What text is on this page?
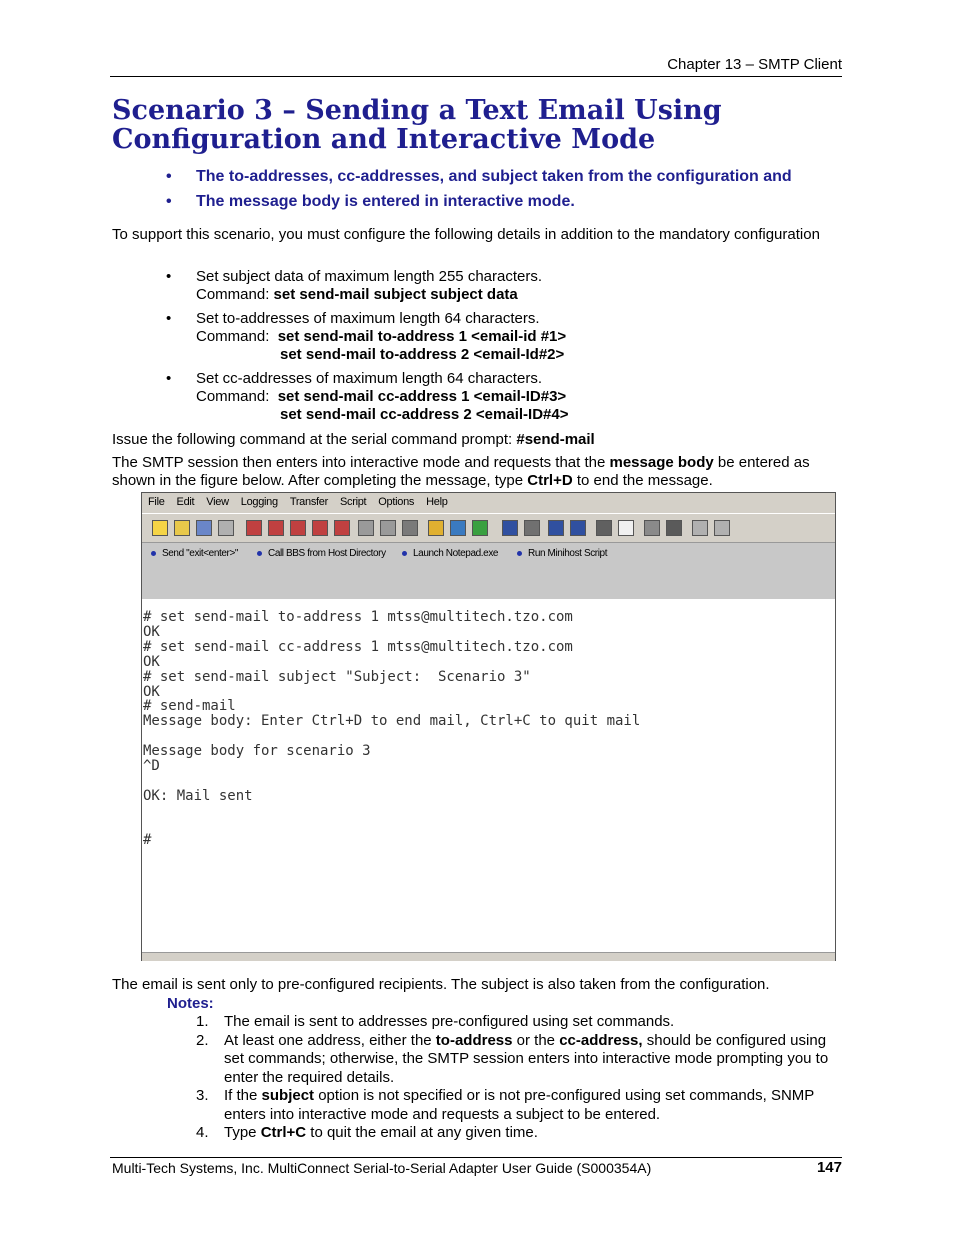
Chapter 13 – SMTP Client
Scenario 3 – Sending a Text Email Using Configuration and Interactive Mode
• The to-addresses, cc-addresses, and subject taken from the configuration and
• The message body is entered in interactive mode.

To support this scenario, you must configure the following details in addition to the mandatory configuration

• Set subject data of maximum length 255 characters.
Command: set send-mail subject subject data
• Set to-addresses of maximum length 64 characters.
Command: set send-mail to-address 1 <email-id #1>
set send-mail to-address 2 <email-Id#2>
• Set cc-addresses of maximum length 64 characters.
Command: set send-mail cc-address 1 <email-ID#3>
set send-mail cc-address 2 <email-ID#4>
Issue the following command at the serial command prompt: #send-mail

The SMTP session then enters into interactive mode and requests that the message body be entered as shown in the figure below. After completing the message, type Ctrl+D to end the message.

File Edit View Logging Transfer Script Options Help
Send "exit<enter>"	Call BBS from Host Directory	Launch Notepad.exe	Run Minihost Script
# set send-mail to-address 1 mtss@multitech.tzo.com
OK
# set send-mail cc-address 1 mtss@multitech.tzo.com
OK
# set send-mail subject "Subject:  Scenario 3"
OK
# send-mail
Message body: Enter Ctrl+D to end mail, Ctrl+C to quit mail
Message body for scenario 3
^D
OK: Mail sent
#
The email is sent only to pre-configured recipients. The subject is also taken from the configuration.
Notes:
1. The email is sent to addresses pre-configured using set commands.
2. At least one address, either the to-address or the cc-address, should be configured using set commands; otherwise, the SMTP session enters into interactive mode prompting you to enter the required details.
3. If the subject option is not specified or is not pre-configured using set commands, SNMP enters into interactive mode and requests a subject to be entered.
4. Type Ctrl+C to quit the email at any given time.
Multi-Tech Systems, Inc. MultiConnect Serial-to-Serial Adapter User Guide (S000354A)	147
